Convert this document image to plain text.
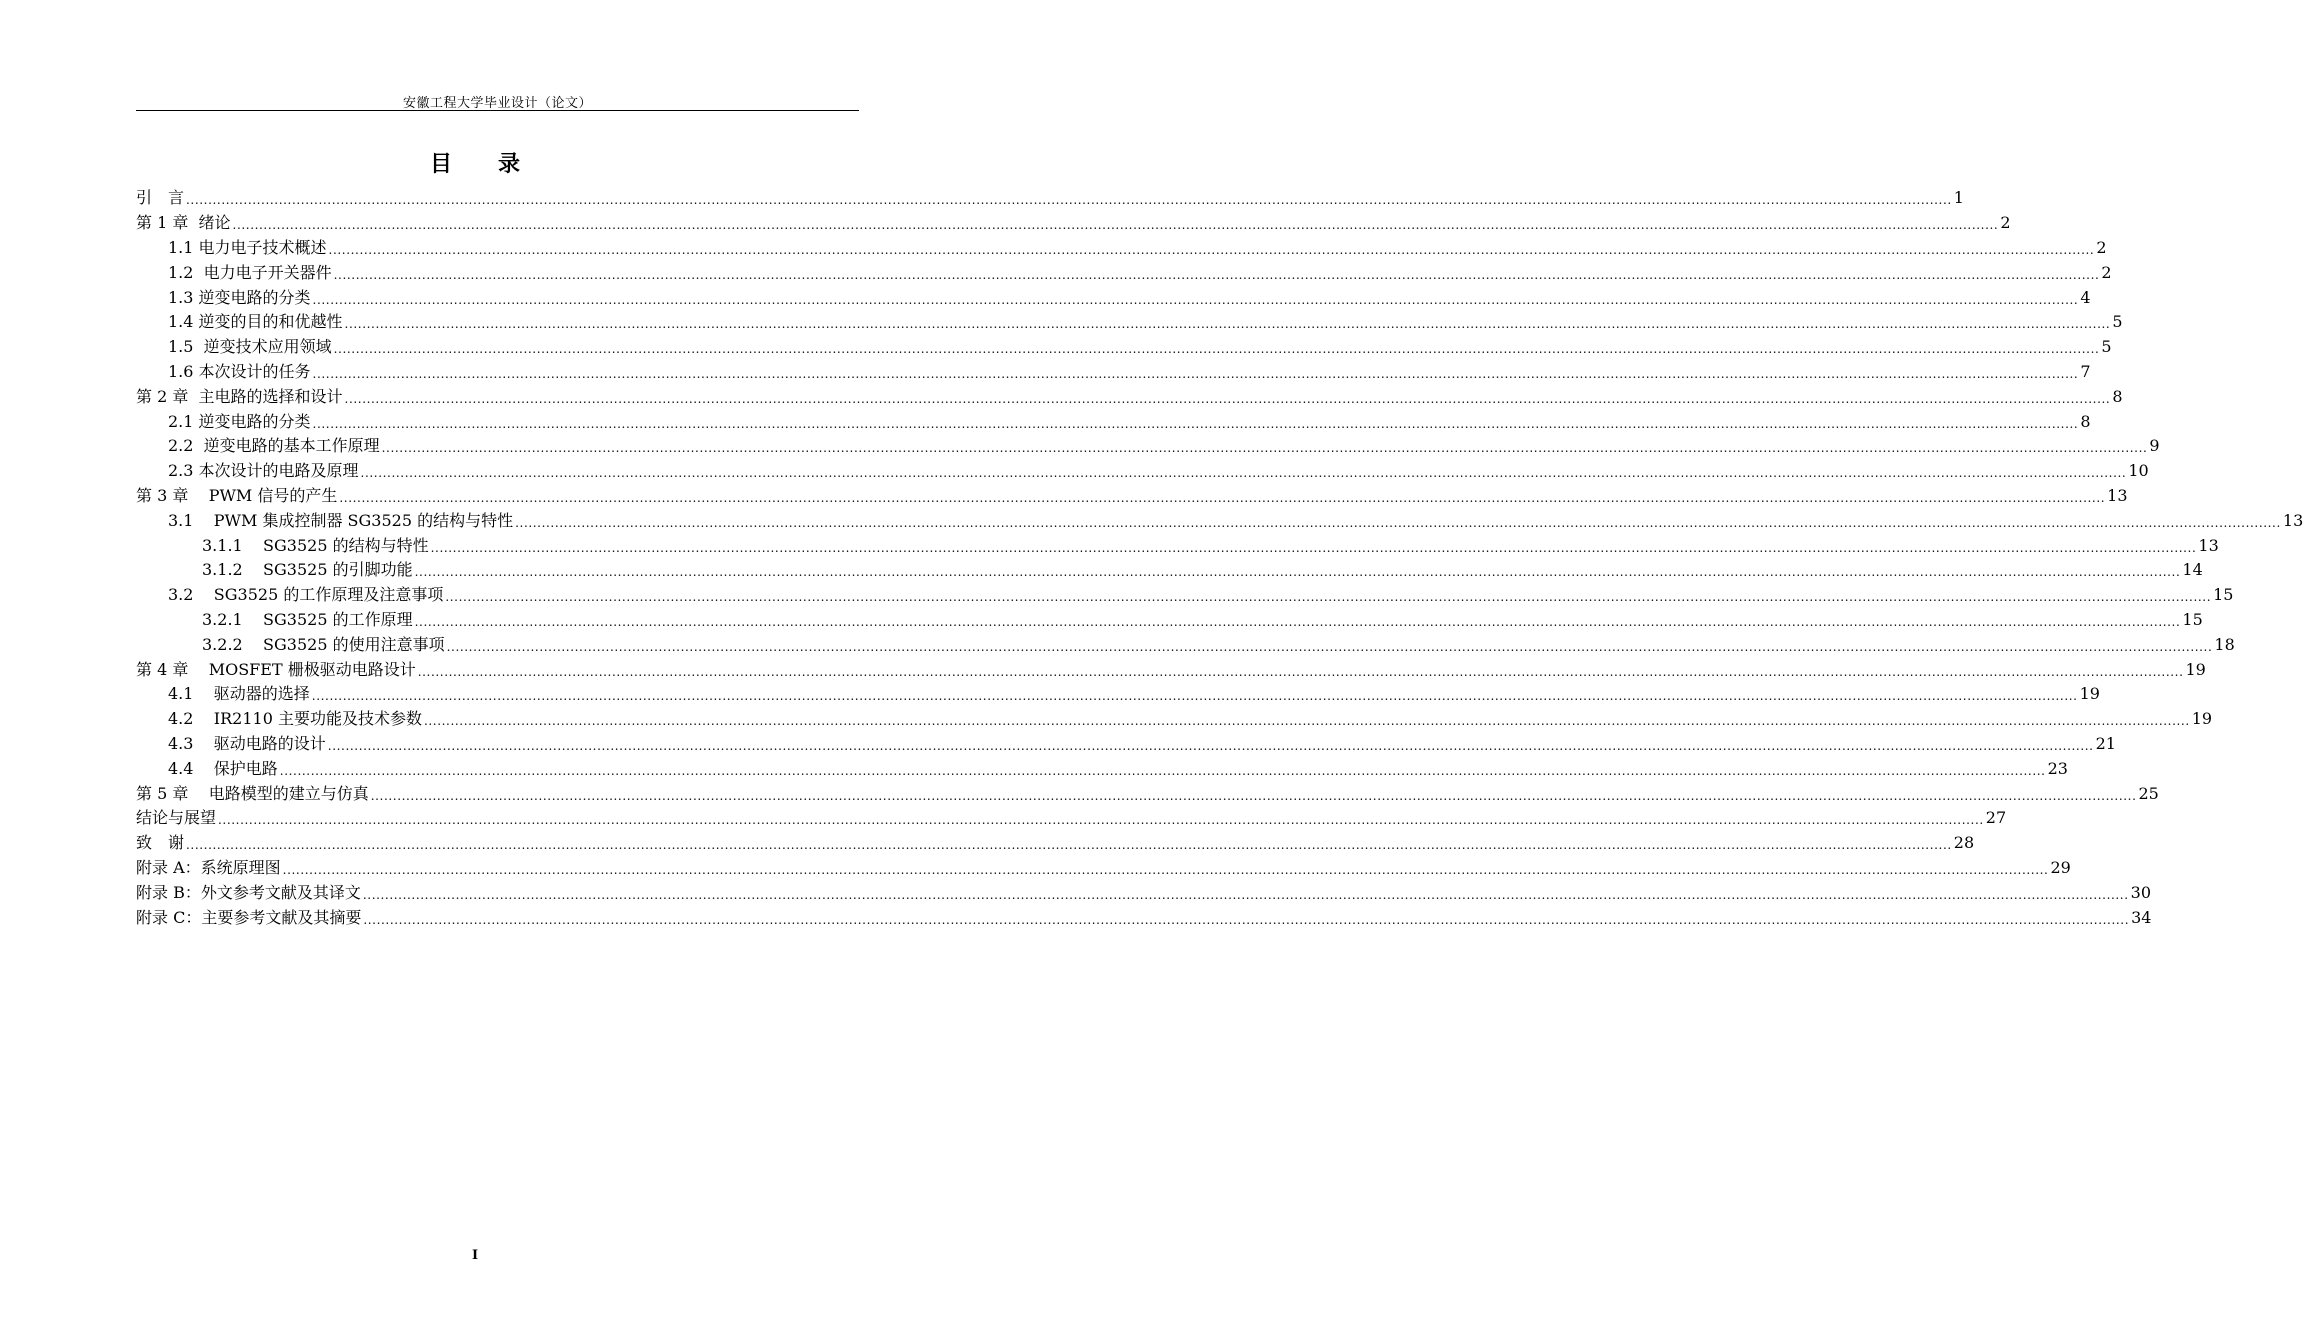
安徽工程大学毕业设计（论文）
目 录
引　言 ................................................................................................................................................................................................................................................................................................................................................................................................................ 1
第 1 章  绪论 ................................................................................................................................................................................................................................................................................................................................................................................................................ 2
1.1 电力电子技术概述 ................................................................................................................................................................................................................................................................................................................................................................................................................ 2
1.2  电力电子开关器件 ................................................................................................................................................................................................................................................................................................................................................................................................................ 2
1.3 逆变电路的分类 ................................................................................................................................................................................................................................................................................................................................................................................................................ 4
1.4 逆变的目的和优越性 ................................................................................................................................................................................................................................................................................................................................................................................................................ 5
1.5  逆变技术应用领域 ................................................................................................................................................................................................................................................................................................................................................................................................................ 5
1.6 本次设计的任务 ................................................................................................................................................................................................................................................................................................................................................................................................................ 7
第 2 章  主电路的选择和设计 ................................................................................................................................................................................................................................................................................................................................................................................................................ 8
2.1 逆变电路的分类 ................................................................................................................................................................................................................................................................................................................................................................................................................ 8
2.2  逆变电路的基本工作原理 ................................................................................................................................................................................................................................................................................................................................................................................................................ 9
2.3 本次设计的电路及原理 ................................................................................................................................................................................................................................................................................................................................................................................................................ 10
第 3 章    PWM 信号的产生 ................................................................................................................................................................................................................................................................................................................................................................................................................ 13
3.1    PWM 集成控制器 SG3525 的结构与特性 ................................................................................................................................................................................................................................................................................................................................................................................................................ 13
3.1.1    SG3525 的结构与特性 ................................................................................................................................................................................................................................................................................................................................................................................................................ 13
3.1.2    SG3525 的引脚功能 ................................................................................................................................................................................................................................................................................................................................................................................................................ 14
3.2    SG3525 的工作原理及注意事项 ................................................................................................................................................................................................................................................................................................................................................................................................................ 15
3.2.1    SG3525 的工作原理 ................................................................................................................................................................................................................................................................................................................................................................................................................ 15
3.2.2    SG3525 的使用注意事项 ................................................................................................................................................................................................................................................................................................................................................................................................................ 18
第 4 章    MOSFET 栅极驱动电路设计 ................................................................................................................................................................................................................................................................................................................................................................................................................ 19
4.1    驱动器的选择 ................................................................................................................................................................................................................................................................................................................................................................................................................ 19
4.2    IR2110 主要功能及技术参数 ................................................................................................................................................................................................................................................................................................................................................................................................................ 19
4.3    驱动电路的设计 ................................................................................................................................................................................................................................................................................................................................................................................................................ 21
4.4    保护电路 ................................................................................................................................................................................................................................................................................................................................................................................................................ 23
第 5 章    电路模型的建立与仿真 ................................................................................................................................................................................................................................................................................................................................................................................................................ 25
结论与展望 ................................................................................................................................................................................................................................................................................................................................................................................................................ 27
致　谢 ................................................................................................................................................................................................................................................................................................................................................................................................................ 28
附录 A：系统原理图 ................................................................................................................................................................................................................................................................................................................................................................................................................ 29
附录 B：外文参考文献及其译文 ................................................................................................................................................................................................................................................................................................................................................................................................................ 30
附录 C：主要参考文献及其摘要 ................................................................................................................................................................................................................................................................................................................................................................................................................ 34
I
